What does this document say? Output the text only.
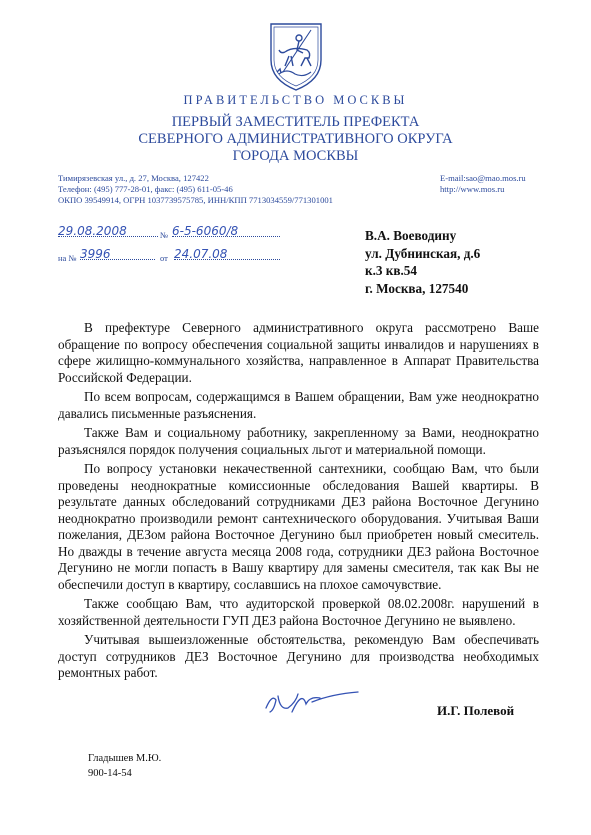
ПРАВИТЕЛЬСТВО МОСКВЫ
ПЕРВЫЙ ЗАМЕСТИТЕЛЬ ПРЕФЕКТА
СЕВЕРНОГО АДМИНИСТРАТИВНОГО ОКРУГА
ГОРОДА МОСКВЫ
Тимирязевская ул., д. 27, Москва, 127422
Телефон: (495) 777-28-01, факс: (495) 611-05-46
ОКПО 39549914, ОГРН 1037739575785, ИНН/КПП 7713034559/771301001
E-mail:sao@mao.mos.ru
http://www.mos.ru
29.08.2008	№ 6-5-6060/8
на № 3996	от 24.07.08
В.А. Воеводину
ул. Дубнинская, д.6
к.3 кв.54
г. Москва, 127540

В префектуре Северного административного округа рассмотрено Ваше обращение по вопросу обеспечения социальной защиты инвалидов и нарушениях в сфере жилищно-коммунального хозяйства, направленное в Аппарат Правительства Российской Федерации.

По всем вопросам, содержащимся в Вашем обращении, Вам уже неоднократно давались письменные разъяснения.

Также Вам и социальному работнику, закрепленному за Вами, неоднократно разъяснялся порядок получения социальных льгот и материальной помощи.

По вопросу установки некачественной сантехники, сообщаю Вам, что были проведены неоднократные комиссионные обследования Вашей квартиры. В результате данных обследований сотрудниками ДЕЗ района Восточное Дегунино неоднократно производили ремонт сантехнического оборудования. Учитывая Ваши пожелания, ДЕЗом района Восточное Дегунино был приобретен новый смеситель. Но дважды в течение августа месяца 2008 года, сотрудники ДЕЗ района Восточное Дегунино не могли попасть в Вашу квартиру для замены смесителя, так как Вы не обеспечили доступ в квартиру, сославшись на плохое самочувствие.

Также сообщаю Вам, что аудиторской проверкой 08.02.2008г. нарушений в хозяйственной деятельности ГУП ДЕЗ района Восточное Дегунино не выявлено.

Учитывая вышеизложенные обстоятельства, рекомендую Вам обеспечивать доступ сотрудников ДЕЗ Восточное Дегунино для производства необходимых ремонтных работ.

И.Г. Полевой
Гладышев М.Ю.
900-14-54
